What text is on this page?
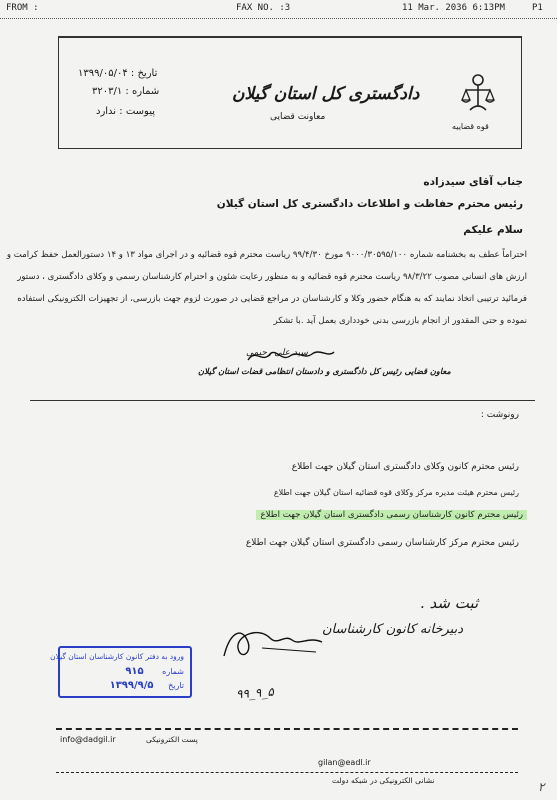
FROM :	FAX NO. :3	11 Mar. 2036 6:13PM	P1
قوه قضاییه
دادگستری کل استان گیلان
معاونت قضایی
تاریخ : ۱۳۹۹/۰۵/۰۴
شماره : ۳۲۰۳/۱
پیوست : ندارد
جناب آقای سیدزاده
رئیس محترم حفاظت و اطلاعات دادگستری کل استان گیلان
سلام علیکم
احتراماً عطف به بخشنامه شماره ۹۰۰۰/۳۰۵۹۵/۱۰۰ مورخ ۹۹/۴/۳۰ ریاست محترم قوه قضائیه و در اجرای مواد ۱۳ و ۱۴ دستورالعمل حفظ کرامت و
ارزش های انسانی مصوب ۹۸/۳/۲۲ ریاست محترم قوه قضائیه و به منظور رعایت شئون و احترام کارشناسان رسمی و وکلای دادگستری ، دستور
فرمائید ترتیبی اتخاذ نمایند که به هنگام حضور وکلا و کارشناسان در مراجع قضایی در صورت لزوم جهت بازرسی، از تجهیزات الکترونیکی استفاده
نموده و حتی المقدور از انجام بازرسی بدنی خودداری بعمل آید .با تشکر
سید علی رحیمی
معاون قضایی رئیس کل دادگستری و دادستان انتظامی قضات استان گیلان
رونوشت :
رئیس محترم کانون وکلای دادگستری استان گیلان جهت اطلاع
رئیس محترم هیئت مدیره مرکز وکلای قوه قضائیه استان گیلان جهت اطلاع
رئیس محترم کانون کارشناسان رسمی دادگستری استان گیلان جهت اطلاع
رئیس محترم مرکز کارشناسان رسمی دادگستری استان گیلان جهت اطلاع
ثبت شد .
دبیرخانه کانون کارشناسان
۹۹_۹_۵
ورود به دفتر کانون کارشناسان استان گیلان
شماره ۹۱۵
تاریخ ۱۳۹۹/۹/۵
info@dadgil.ir	پست الکترونیکی
gilan@eadl.ir
نشانی الکترونیکی در شبکه دولت	۲
